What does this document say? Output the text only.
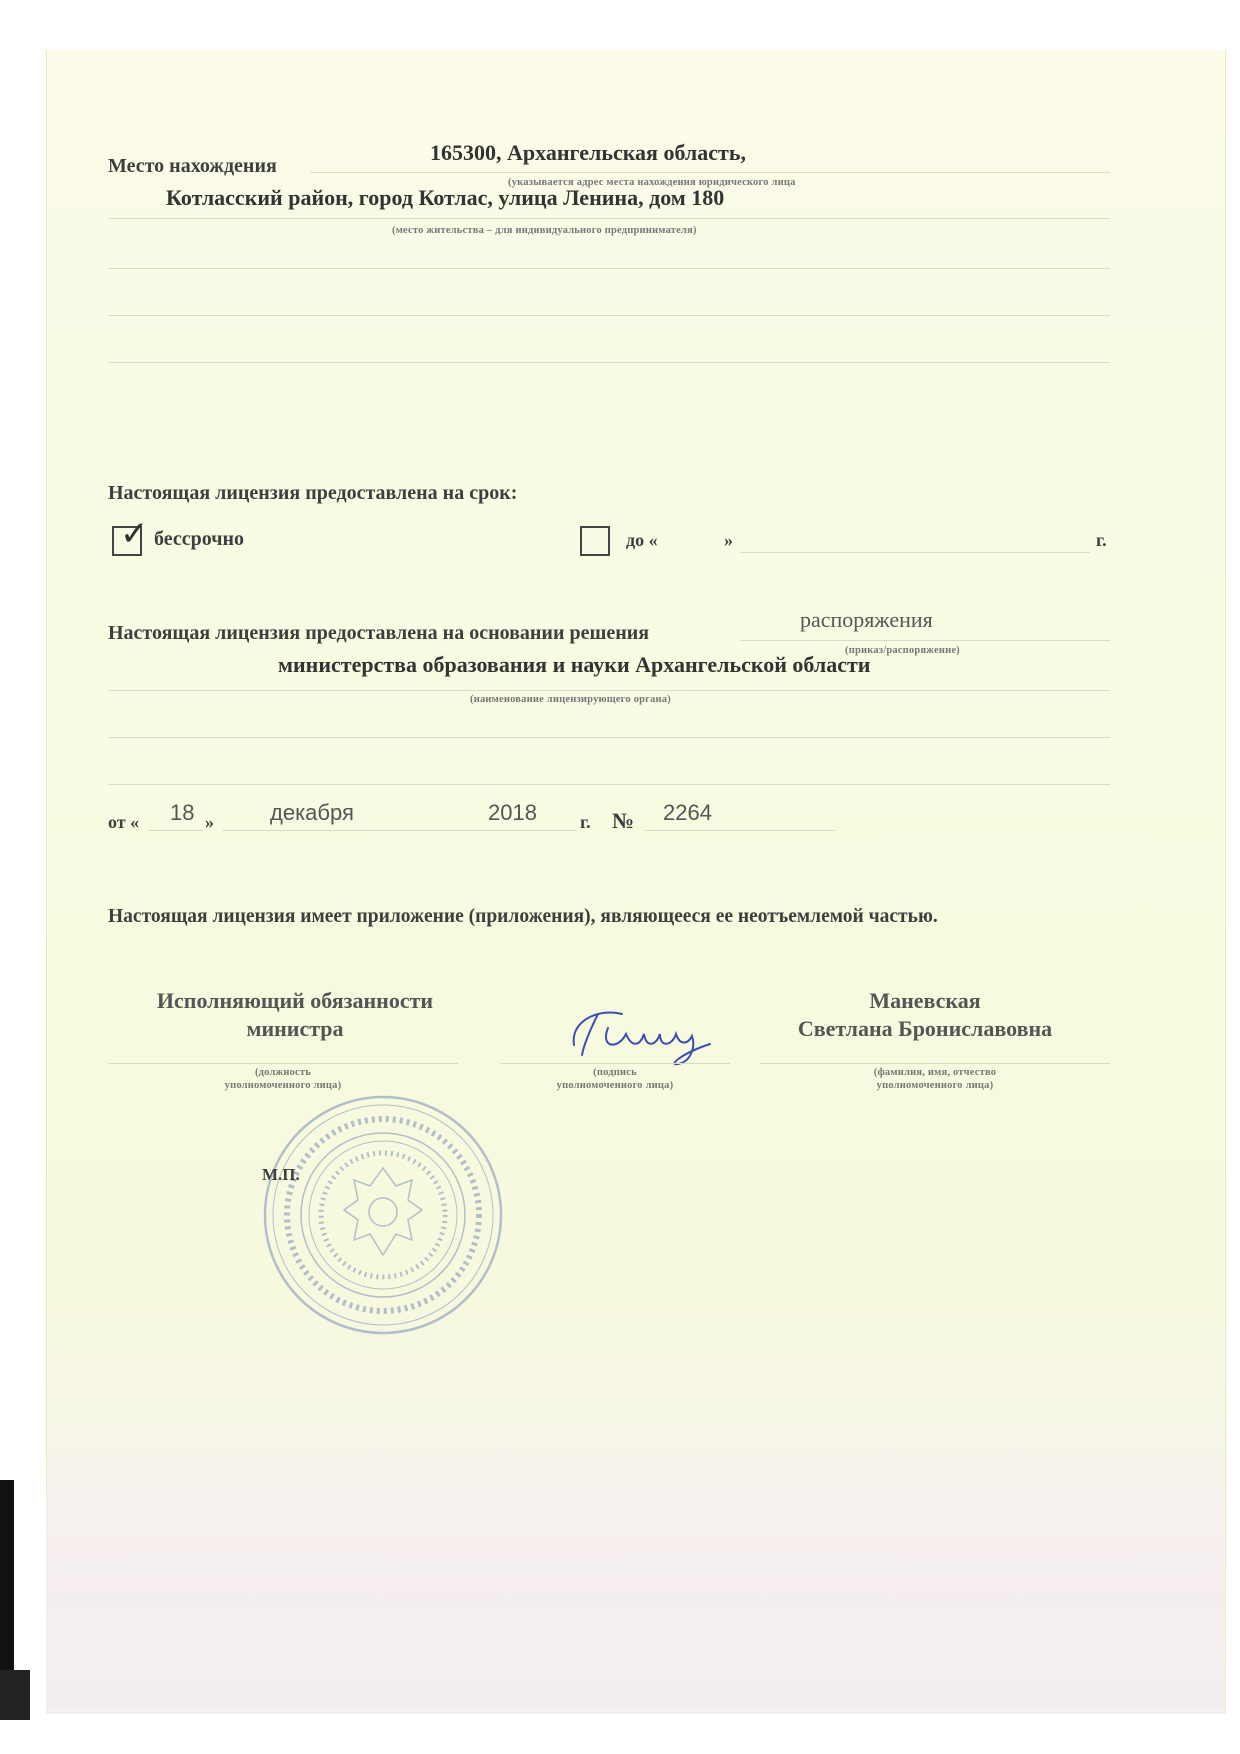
Место нахождения
165300, Архангельская область,
(указывается адрес места нахождения юридического лица
Котласский район, город Котлас, улица Ленина, дом 180
(место жительства – для индивидуального предпринимателя)
Настоящая лицензия предоставлена на срок:
✓ бессрочно	до «	»	г.
распоряжения
Настоящая лицензия предоставлена на основании решения
(приказ/распоряжение)
министерства образования и науки Архангельской области
(наименование лицензирующего органа)
от « 18 »	декабря	2018 г. № 2264
Настоящая лицензия имеет приложение (приложения), являющееся ее неотъемлемой частью.
Исполняющий обязанности
министра
(должность
уполномоченного лица)
(подпись
уполномоченного лица)
Маневская
Светлана Брониславовна
(фамилия, имя, отчество
уполномоченного лица)
М.П.
